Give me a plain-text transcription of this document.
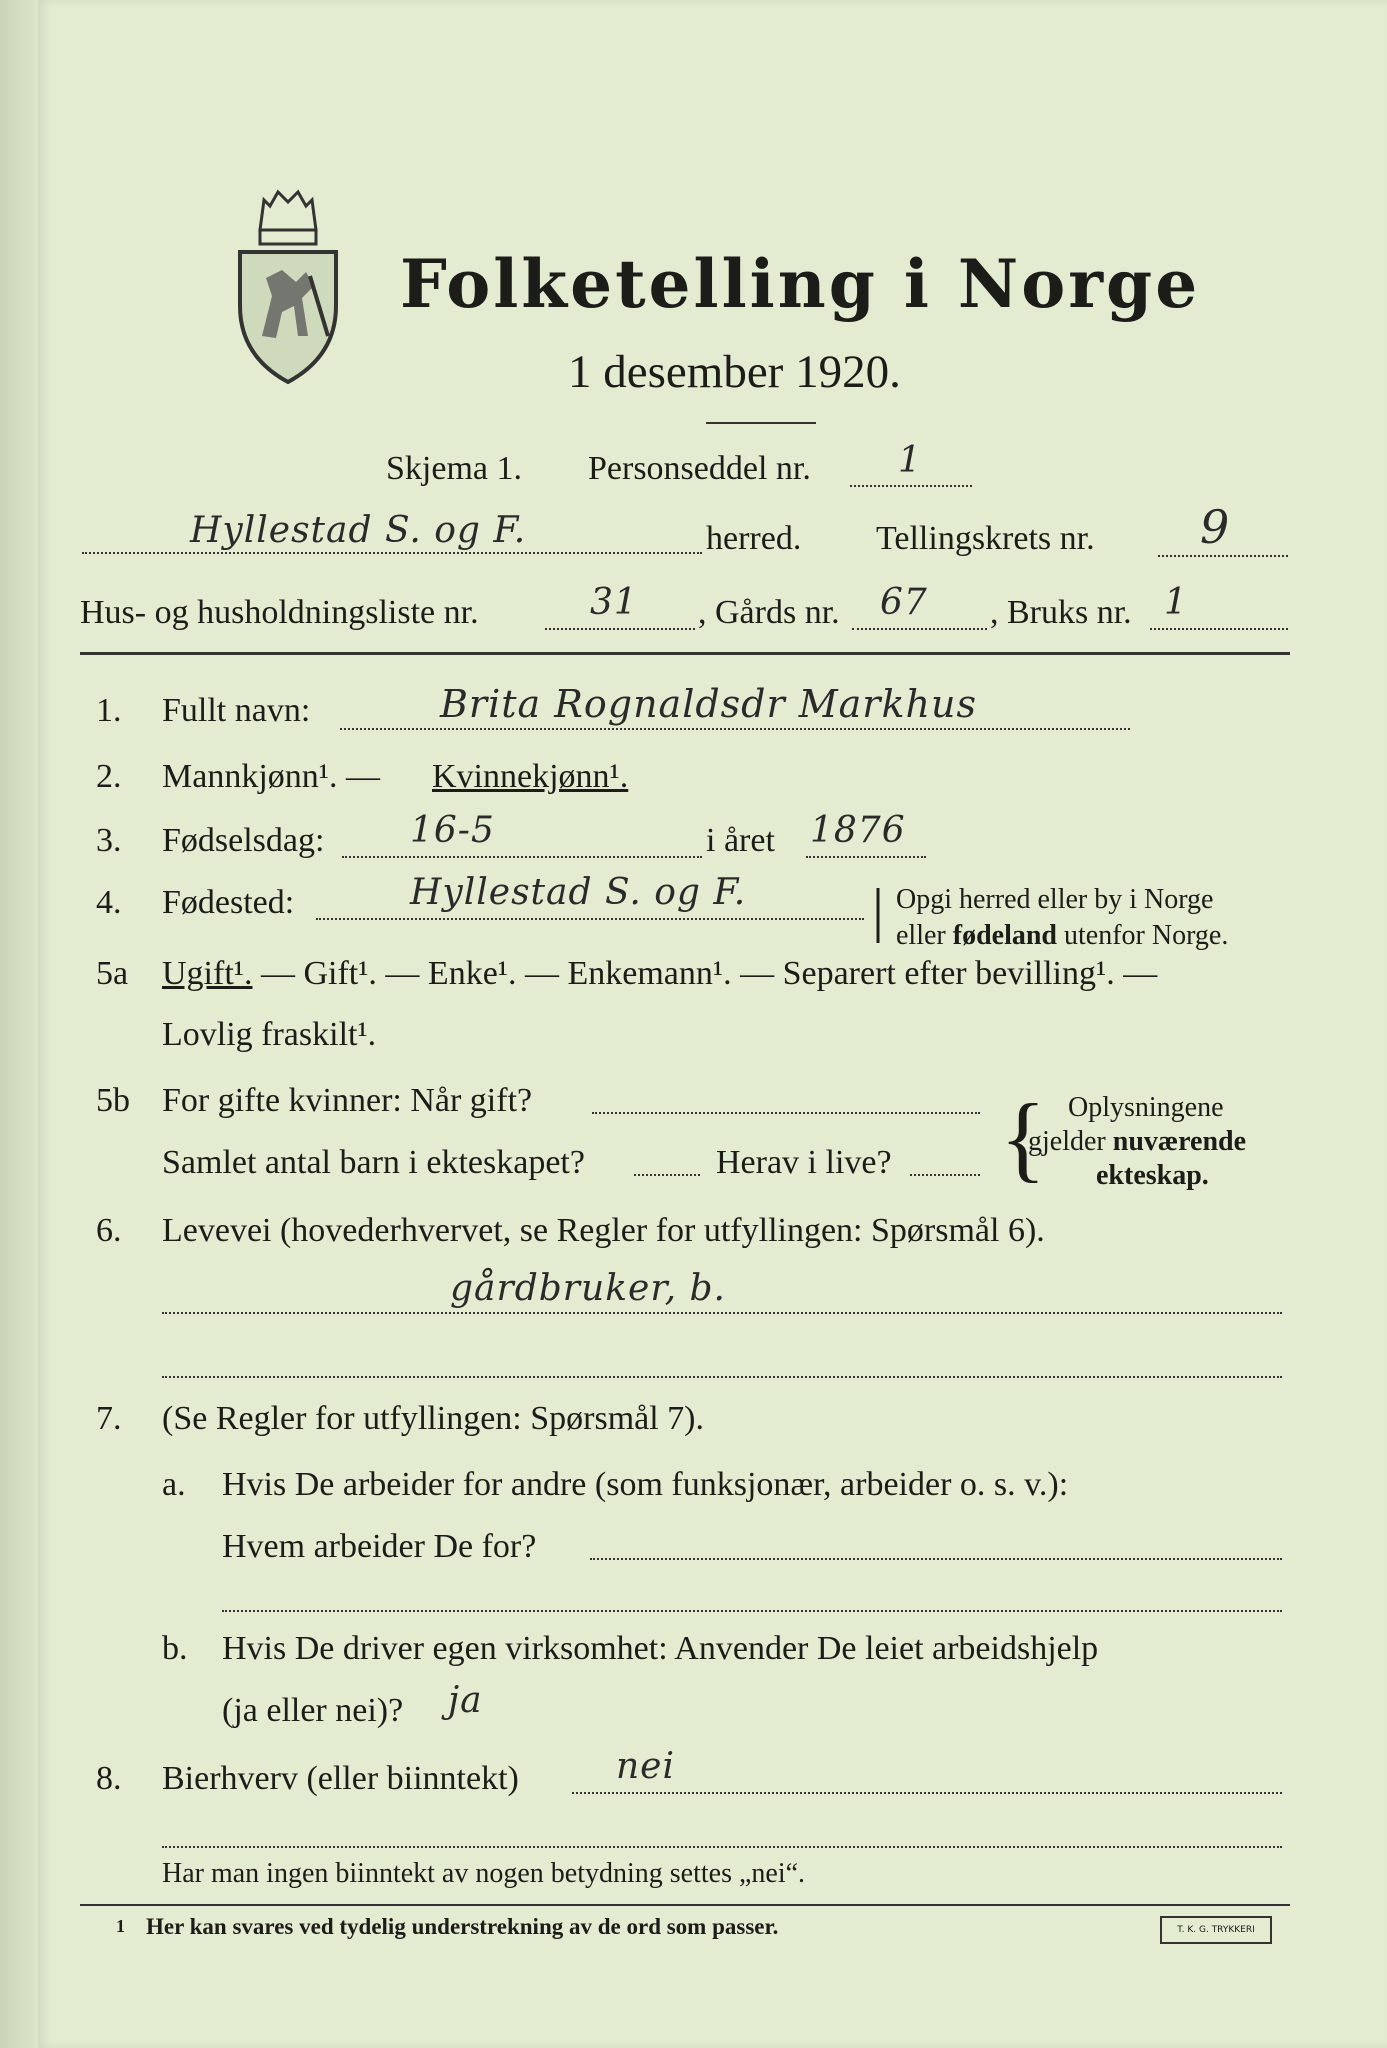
Folketelling i Norge
1 desember 1920.
Skjema 1. Personseddel nr. 1
Hyllestad S. og F.	herred. Tellingskrets nr. 9
Hus- og husholdningsliste nr.	31 , Gårds nr. 67 , Bruks nr. 1
1. Fullt navn:	Brita Rognaldsdr Markhus
2. Mannkjønn¹. — Kvinnekjønn¹.
3. Fødselsdag: 16-5	i året 1876
4. Fødested:	Hyllestad S. og F. | Opgi herred eller by i Norge
eller fødeland utenfor Norge.
5a Ugift¹. — Gift¹. — Enke¹. — Enkemann¹. — Separert efter bevilling¹. —
Lovlig fraskilt¹.
5b For gifte kvinner: Når gift?
Samlet antal barn i ekteskapet?	Herav i live? { Oplysningene
gjelder nuværende
ekteskap.
6. Levevei (hovederhvervet, se Regler for utfyllingen: Spørsmål 6).
gårdbruker, b.
7. (Se Regler for utfyllingen: Spørsmål 7).
a. Hvis De arbeider for andre (som funksjonær, arbeider o. s. v.):
Hvem arbeider De for?
b. Hvis De driver egen virksomhet: Anvender De leiet arbeidshjelp
(ja eller nei)? ja
8. Bierhverv (eller biinntekt)	nei
Har man ingen biinntekt av nogen betydning settes „nei“.
1 Her kan svares ved tydelig understrekning av de ord som passer.	T. K. G. TRYKKERI
